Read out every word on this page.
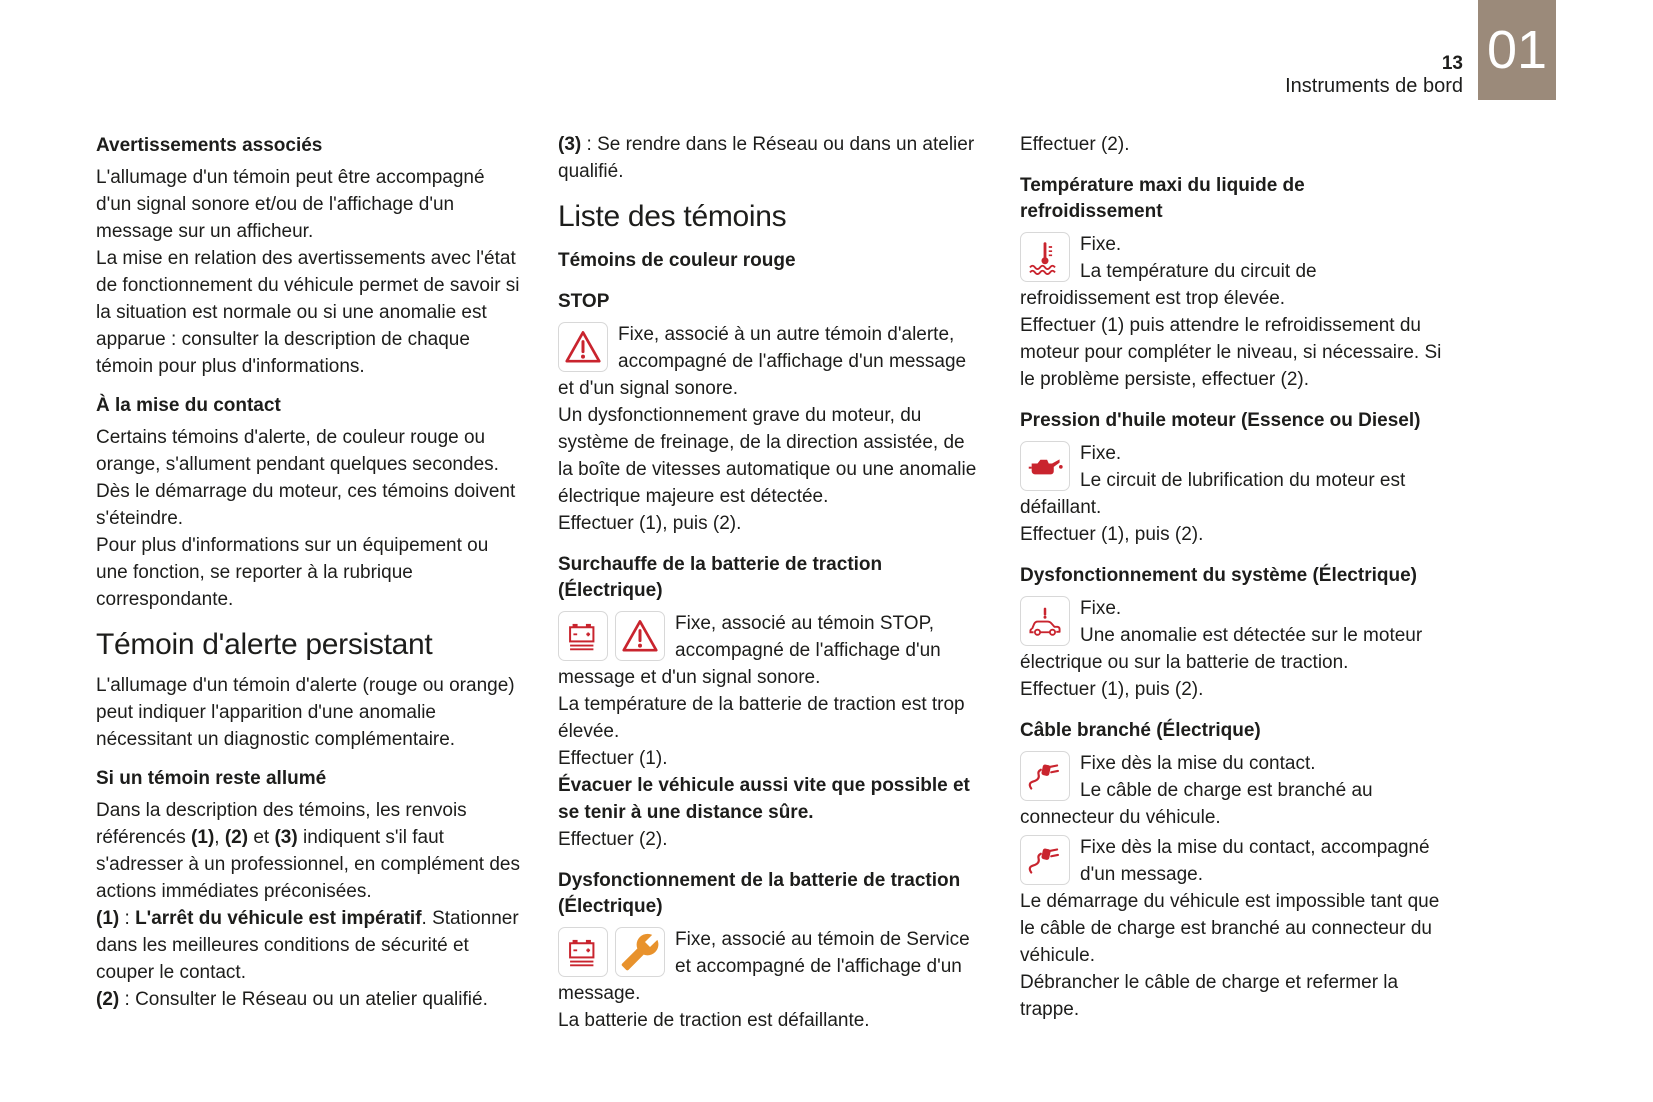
01
13
Instruments de bord
Avertissements associés

L'allumage d'un témoin peut être accompagné d'un signal sonore et/ou de l'affichage d'un message sur un afficheur.

La mise en relation des avertissements avec l'état de fonctionnement du véhicule permet de savoir si la situation est normale ou si une anomalie est apparue : consulter la description de chaque témoin pour plus d'informations.

À la mise du contact

Certains témoins d'alerte, de couleur rouge ou orange, s'allument pendant quelques secondes. Dès le démarrage du moteur, ces témoins doivent s'éteindre.

Pour plus d'informations sur un équipement ou une fonction, se reporter à la rubrique correspondante.

Témoin d'alerte persistant

L'allumage d'un témoin d'alerte (rouge ou orange) peut indiquer l'apparition d'une anomalie nécessitant un diagnostic complémentaire.

Si un témoin reste allumé

Dans la description des témoins, les renvois référencés (1), (2) et (3) indiquent s'il faut s'adresser à un professionnel, en complément des actions immédiates préconisées.

(1) : L'arrêt du véhicule est impératif. Stationner dans les meilleures conditions de sécurité et couper le contact.

(2) : Consulter le Réseau ou un atelier qualifié.

(3) : Se rendre dans le Réseau ou dans un atelier qualifié.

Liste des témoins
Témoins de couleur rouge
STOP

Fixe, associé à un autre témoin d'alerte, accompagné de l'affichage d'un message et d'un signal sonore.

Un dysfonctionnement grave du moteur, du système de freinage, de la direction assistée, de la boîte de vitesses automatique ou une anomalie électrique majeure est détectée.

Effectuer (1), puis (2).

Surchauffe de la batterie de traction (Électrique)

Fixe, associé au témoin STOP, accompagné de l'affichage d'un message et d'un signal sonore.

La température de la batterie de traction est trop élevée.

Effectuer (1).

Évacuer le véhicule aussi vite que possible et se tenir à une distance sûre.

Effectuer (2).

Dysfonctionnement de la batterie de traction (Électrique)

Fixe, associé au témoin de Service et accompagné de l'affichage d'un message.

La batterie de traction est défaillante.

Effectuer (2).

Température maxi du liquide de refroidissement

Fixe.

La température du circuit de refroidissement est trop élevée.

Effectuer (1) puis attendre le refroidissement du moteur pour compléter le niveau, si nécessaire. Si le problème persiste, effectuer (2).

Pression d'huile moteur (Essence ou Diesel)

Fixe.

Le circuit de lubrification du moteur est défaillant.

Effectuer (1), puis (2).

Dysfonctionnement du système (Électrique)

Fixe.

Une anomalie est détectée sur le moteur électrique ou sur la batterie de traction.

Effectuer (1), puis (2).

Câble branché (Électrique)

Fixe dès la mise du contact.

Le câble de charge est branché au connecteur du véhicule.

Fixe dès la mise du contact, accompagné d'un message.

Le démarrage du véhicule est impossible tant que le câble de charge est branché au connecteur du véhicule.

Débrancher le câble de charge et refermer la trappe.
